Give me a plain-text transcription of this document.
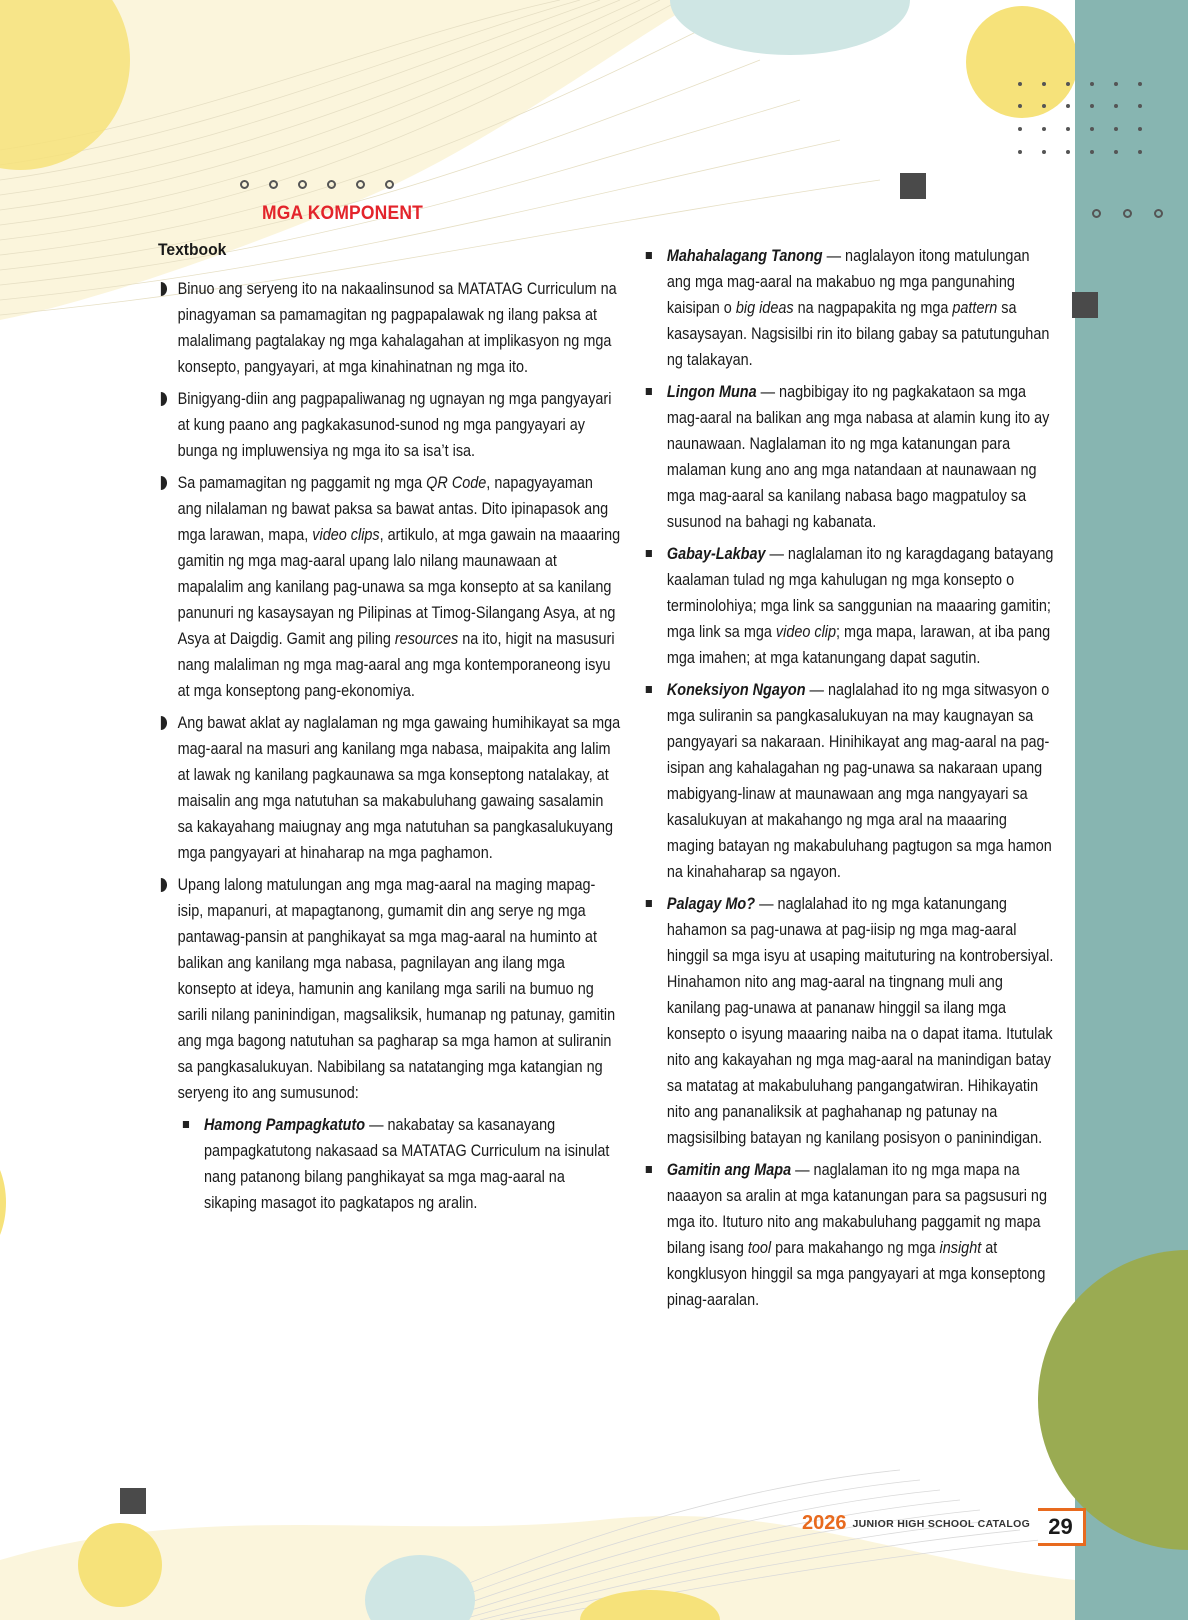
MGA KOMPONENT
Textbook

Binuo ang seryeng ito na nakaalinsunod sa MATATAG Curriculum na pinagyaman sa pamamagitan ng pagpapalawak ng ilang paksa at malalimang pagtalakay ng mga kahalagahan at implikasyon ng mga konsepto, pangyayari, at mga kinahinatnan ng mga ito.

Binigyang-diin ang pagpapaliwanag ng ugnayan ng mga pangyayari at kung paano ang pagkakasunod-sunod ng mga pangyayari ay bunga ng impluwensiya ng mga ito sa isa’t isa.

Sa pamamagitan ng paggamit ng mga QR Code, napagyayaman ang nilalaman ng bawat paksa sa bawat antas. Dito ipinapasok ang mga larawan, mapa, video clips, artikulo, at mga gawain na maaaring gamitin ng mga mag-aaral upang lalo nilang maunawaan at mapalalim ang kanilang pag-unawa sa mga konsepto at sa kanilang panunuri ng kasaysayan ng Pilipinas at Timog-Silangang Asya, at ng Asya at Daigdig. Gamit ang piling resources na ito, higit na masusuri nang malaliman ng mga mag-aaral ang mga kontemporaneong isyu at mga konseptong pang-ekonomiya.

Ang bawat aklat ay naglalaman ng mga gawaing humihikayat sa mga mag-aaral na masuri ang kanilang mga nabasa, maipakita ang lalim at lawak ng kanilang pagkaunawa sa mga konseptong natalakay, at maisalin ang mga natutuhan sa makabuluhang gawaing sasalamin sa kakayahang maiugnay ang mga natutuhan sa pangkasalukuyang mga pangyayari at hinaharap na mga paghamon.

Upang lalong matulungan ang mga mag-aaral na maging mapag-isip, mapanuri, at mapagtanong, gumamit din ang serye ng mga pantawag-pansin at panghikayat sa mga mag-aaral na huminto at balikan ang kanilang mga nabasa, pagnilayan ang ilang mga konsepto at ideya, hamunin ang kanilang mga sarili na bumuo ng sarili nilang paninindigan, magsaliksik, humanap ng patunay, gamitin ang mga bagong natutuhan sa pagharap sa mga hamon at suliranin sa pangkasalukuyan. Nabibilang sa natatanging mga katangian ng seryeng ito ang sumusunod:

Hamong Pampagkatuto — nakabatay sa kasanayang pampagkatutong nakasaad sa MATATAG Curriculum na isinulat nang patanong bilang panghikayat sa mga mag-aaral na sikaping masagot ito pagkatapos ng aralin.

Mahahalagang Tanong — naglalayon itong matulungan ang mga mag-aaral na makabuo ng mga pangunahing kaisipan o big ideas na nagpapakita ng mga pattern sa kasaysayan. Nagsisilbi rin ito bilang gabay sa patutunguhan ng talakayan.

Lingon Muna — nagbibigay ito ng pagkakataon sa mga mag-aaral na balikan ang mga nabasa at alamin kung ito ay naunawaan. Naglalaman ito ng mga katanungan para malaman kung ano ang mga natandaan at naunawaan ng mga mag-aaral sa kanilang nabasa bago magpatuloy sa susunod na bahagi ng kabanata.

Gabay-Lakbay — naglalaman ito ng karagdagang batayang kaalaman tulad ng mga kahulugan ng mga konsepto o terminolohiya; mga link sa sanggunian na maaaring gamitin; mga link sa mga video clip; mga mapa, larawan, at iba pang mga imahen; at mga katanungang dapat sagutin.

Koneksiyon Ngayon — naglalahad ito ng mga sitwasyon o mga suliranin sa pangkasalukuyan na may kaugnayan sa pangyayari sa nakaraan. Hinihikayat ang mag-aaral na pag-isipan ang kahalagahan ng pag-unawa sa nakaraan upang mabigyang-linaw at maunawaan ang mga nangyayari sa kasalukuyan at makahango ng mga aral na maaaring maging batayan ng makabuluhang pagtugon sa mga hamon na kinahaharap sa ngayon.

Palagay Mo? — naglalahad ito ng mga katanungang hahamon sa pag-unawa at pag-iisip ng mga mag-aaral hinggil sa mga isyu at usaping maituturing na kontrobersiyal. Hinahamon nito ang mag-aaral na tingnang muli ang kanilang pag-unawa at pananaw hinggil sa ilang mga konsepto o isyung maaaring naiba na o dapat itama. Itutulak nito ang kakayahan ng mga mag-aaral na manindigan batay sa matatag at makabuluhang pangangatwiran. Hihikayatin nito ang pananaliksik at paghahanap ng patunay na magsisilbing batayan ng kanilang posisyon o paninindigan.

Gamitin ang Mapa — naglalaman ito ng mga mapa na naaayon sa aralin at mga katanungan para sa pagsusuri ng mga ito. Ituturo nito ang makabuluhang paggamit ng mapa bilang isang tool para makahango ng mga insight at kongklusyon hinggil sa mga pangyayari at mga konseptong pinag-aaralan.

2026 JUNIOR HIGH SCHOOL CATALOG 29
